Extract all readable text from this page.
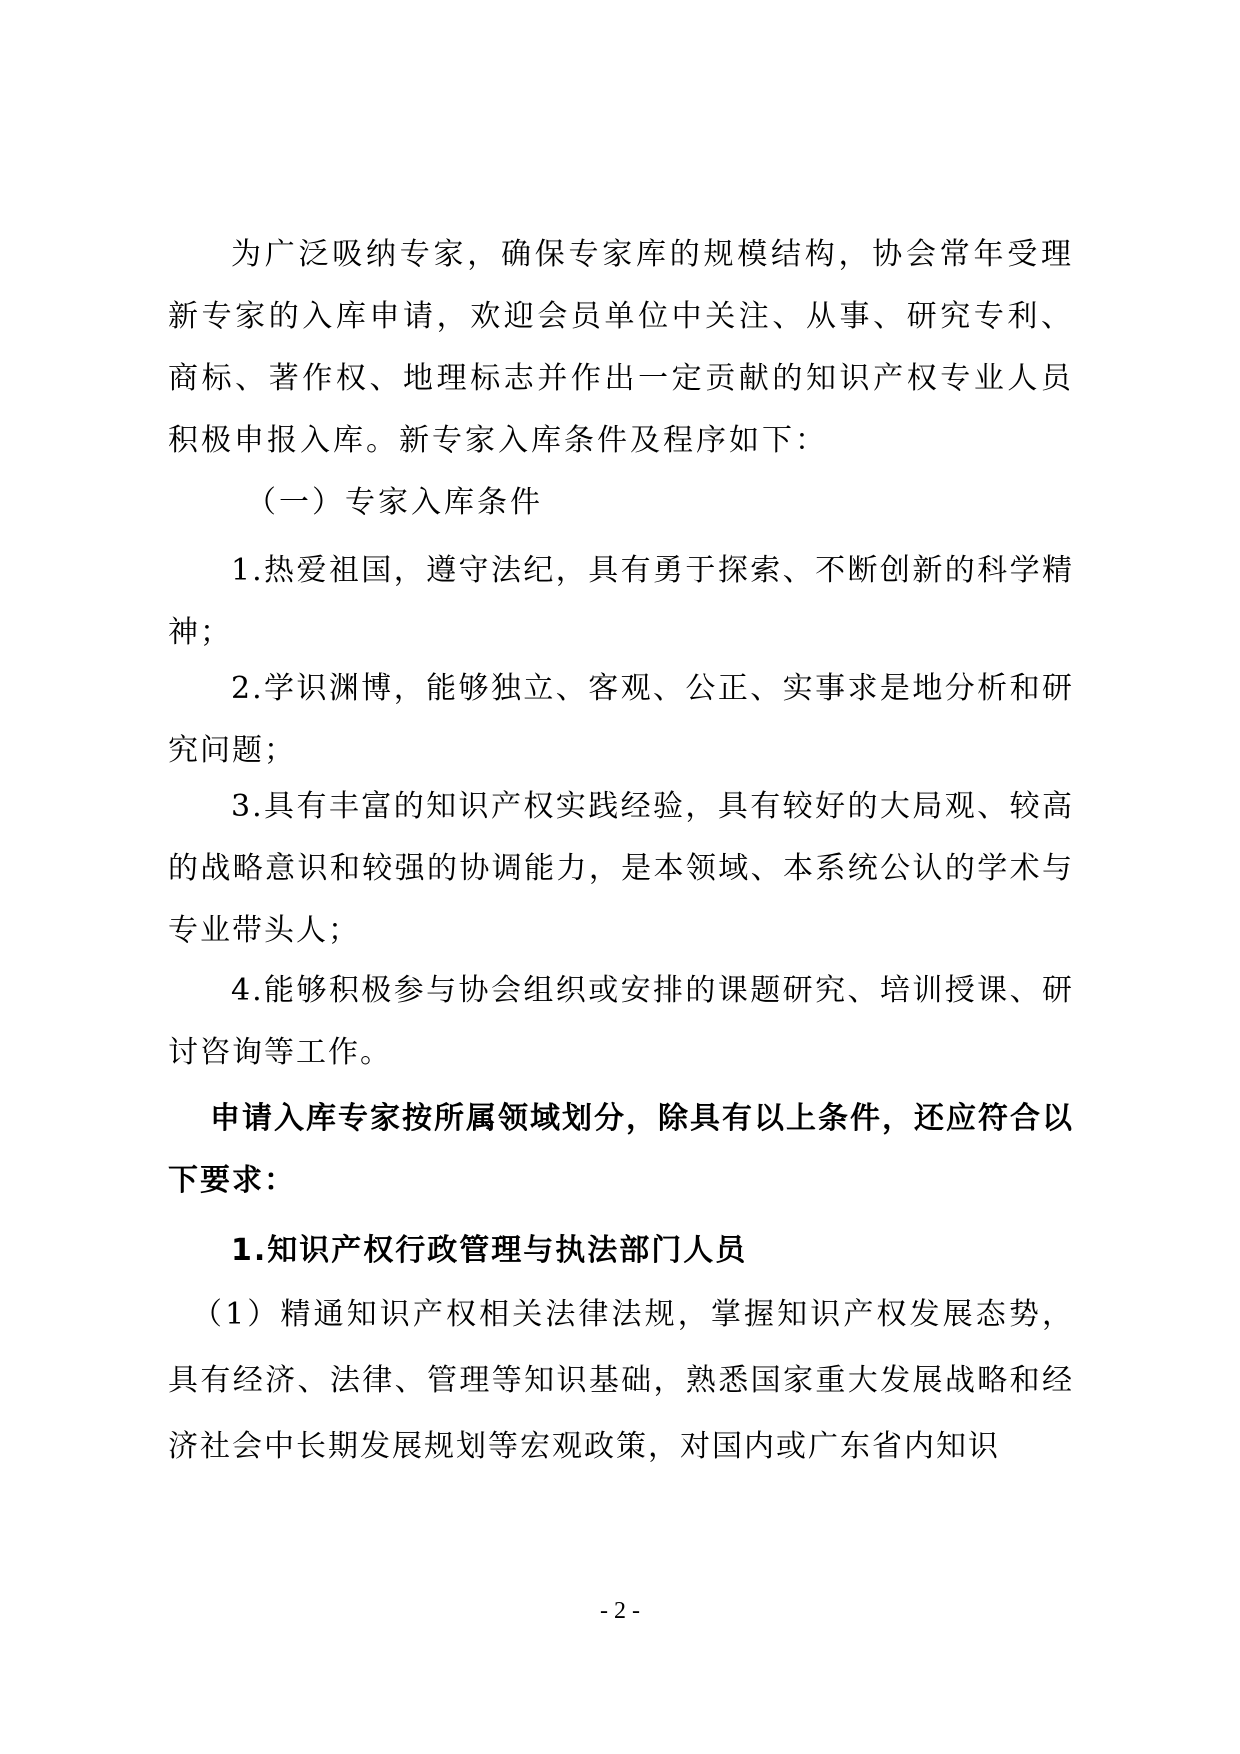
为广泛吸纳专家，确保专家库的规模结构，协会常年受理新专家的入库申请，欢迎会员单位中关注、从事、研究专利、商标、著作权、地理标志并作出一定贡献的知识产权专业人员积极申报入库。新专家入库条件及程序如下：

（一）专家入库条件

1.热爱祖国，遵守法纪，具有勇于探索、不断创新的科学精神；

2.学识渊博，能够独立、客观、公正、实事求是地分析和研究问题；

3.具有丰富的知识产权实践经验，具有较好的大局观、较高的战略意识和较强的协调能力，是本领域、本系统公认的学术与专业带头人；

4.能够积极参与协会组织或安排的课题研究、培训授课、研讨咨询等工作。

申请入库专家按所属领域划分，除具有以上条件，还应符合以下要求：

1.知识产权行政管理与执法部门人员

（1）精通知识产权相关法律法规，掌握知识产权发展态势，具有经济、法律、管理等知识基础，熟悉国家重大发展战略和经济社会中长期发展规划等宏观政策，对国内或广东省内知识

- 2 -
